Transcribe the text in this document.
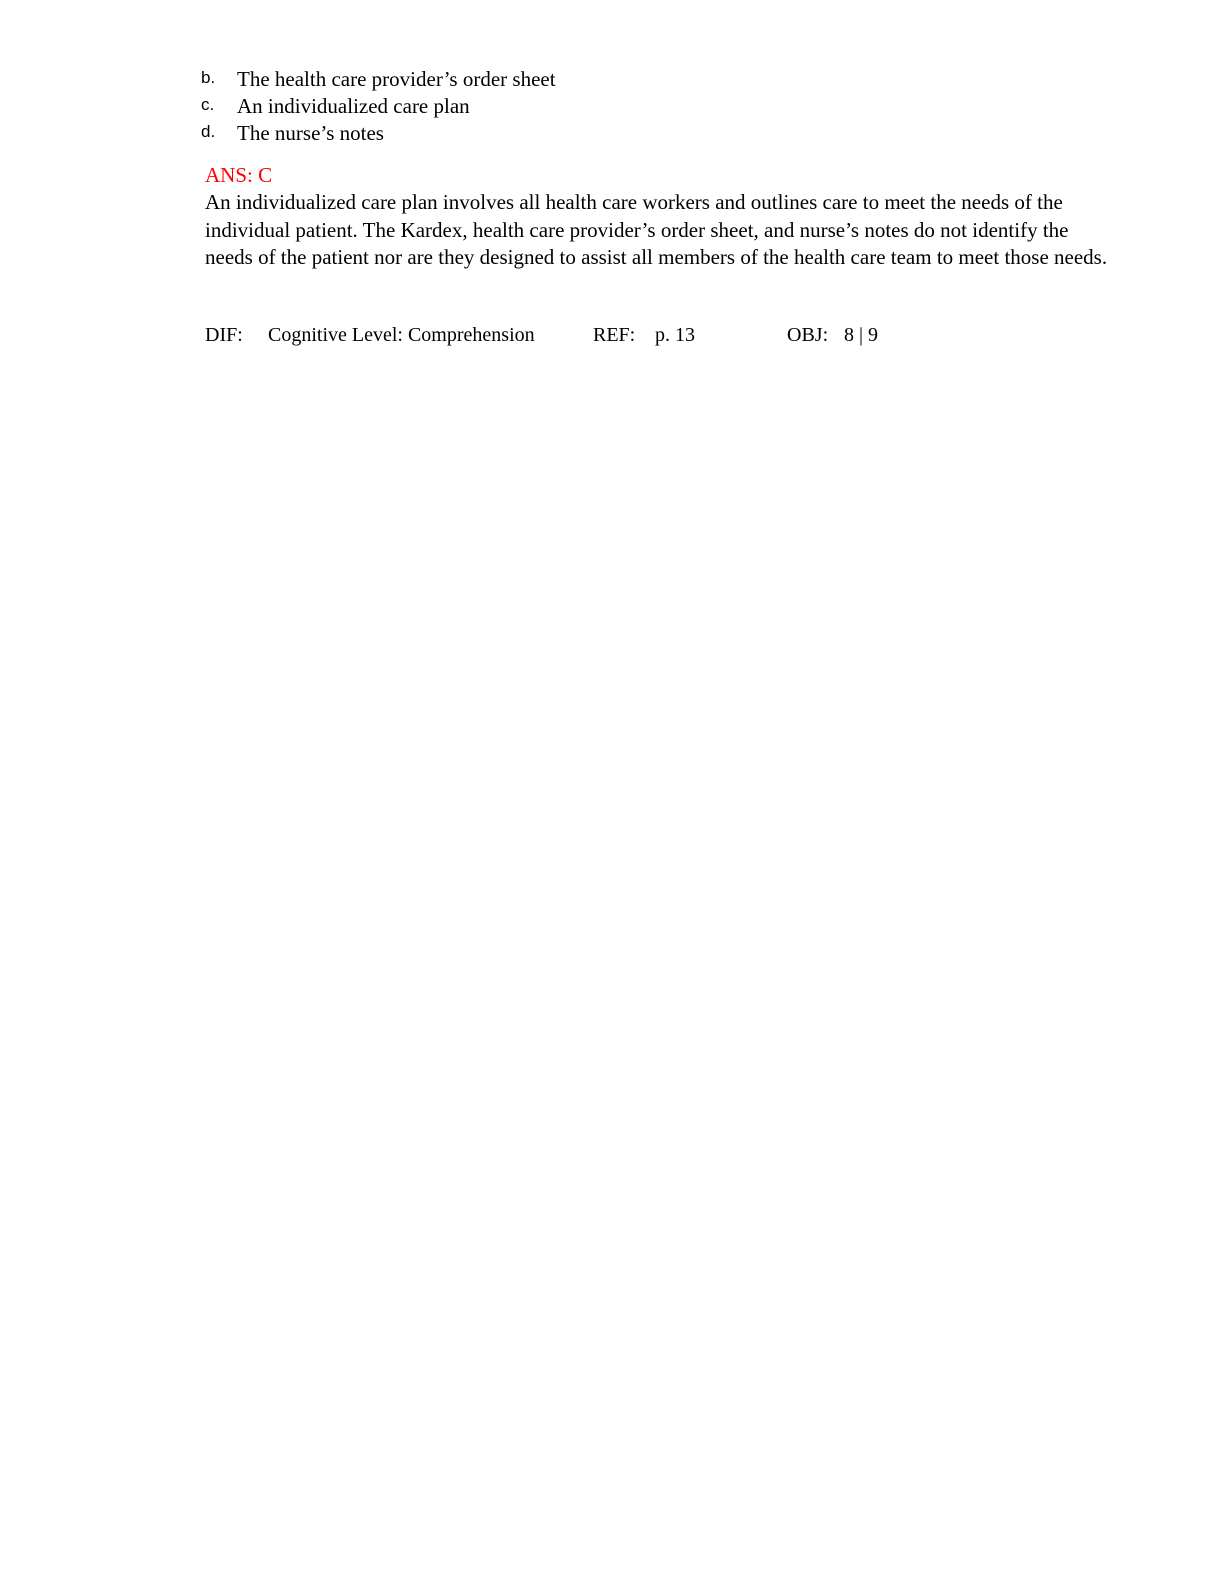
b. The health care provider’s order sheet
c. An individualized care plan
d. The nurse’s notes
ANS: C

An individualized care plan involves all health care workers and outlines care to meet the needs of the individual patient. The Kardex, health care provider’s order sheet, and nurse’s notes do not identify the needs of the patient nor are they designed to assist all members of the health care team to meet those needs.

DIF: Cognitive Level: Comprehension	REF: p. 13	OBJ: 8 | 9
